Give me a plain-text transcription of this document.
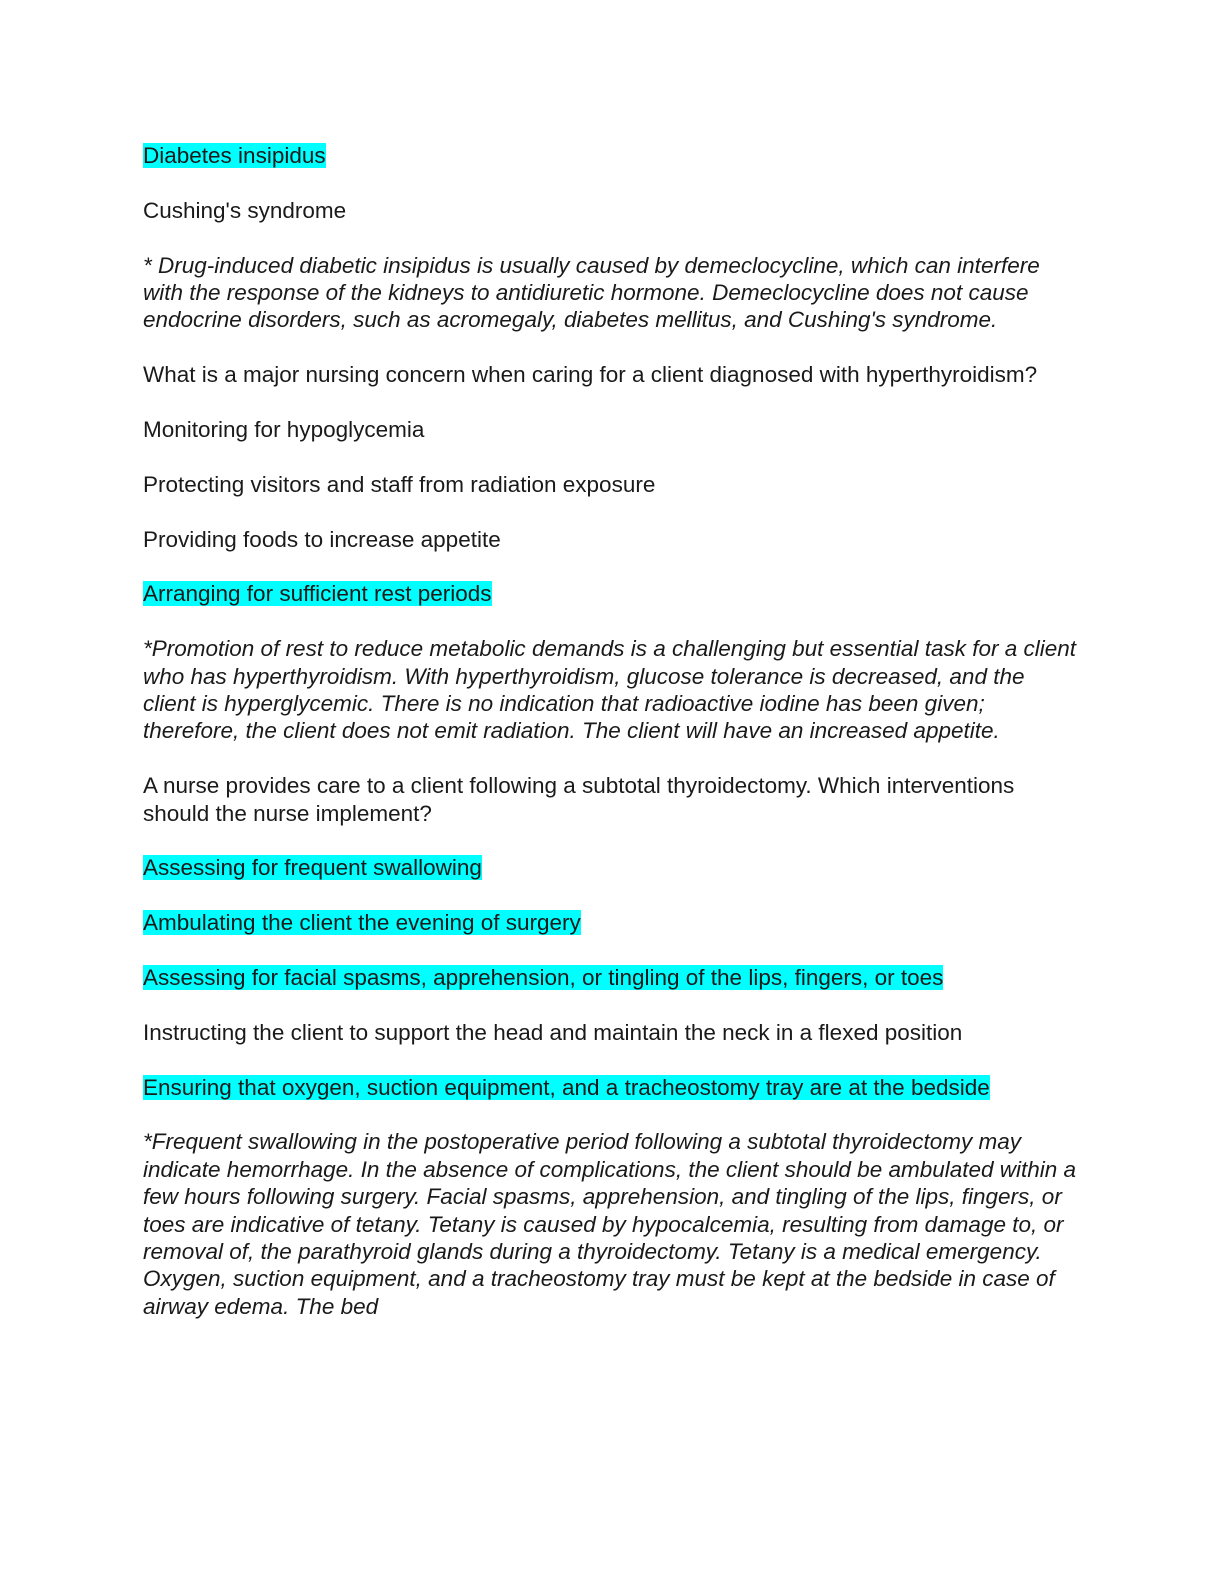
Diabetes insipidus

Cushing's syndrome

* Drug-induced diabetic insipidus is usually caused by demeclocycline, which can interfere with the response of the kidneys to antidiuretic hormone. Demeclocycline does not cause endocrine disorders, such as acromegaly, diabetes mellitus, and Cushing's syndrome.

What is a major nursing concern when caring for a client diagnosed with hyperthyroidism?

Monitoring for hypoglycemia

Protecting visitors and staff from radiation exposure

Providing foods to increase appetite

Arranging for sufficient rest periods

*Promotion of rest to reduce metabolic demands is a challenging but essential task for a client who has hyperthyroidism. With hyperthyroidism, glucose tolerance is decreased, and the client is hyperglycemic. There is no indication that radioactive iodine has been given; therefore, the client does not emit radiation. The client will have an increased appetite.

A nurse provides care to a client following a subtotal thyroidectomy. Which interventions should the nurse implement?

Assessing for frequent swallowing

Ambulating the client the evening of surgery

Assessing for facial spasms, apprehension, or tingling of the lips, fingers, or toes

Instructing the client to support the head and maintain the neck in a flexed position

Ensuring that oxygen, suction equipment, and a tracheostomy tray are at the bedside

*Frequent swallowing in the postoperative period following a subtotal thyroidectomy may indicate hemorrhage. In the absence of complications, the client should be ambulated within a few hours following surgery. Facial spasms, apprehension, and tingling of the lips, fingers, or toes are indicative of tetany. Tetany is caused by hypocalcemia, resulting from damage to, or removal of, the parathyroid glands during a thyroidectomy. Tetany is a medical emergency. Oxygen, suction equipment, and a tracheostomy tray must be kept at the bedside in case of airway edema. The bed
